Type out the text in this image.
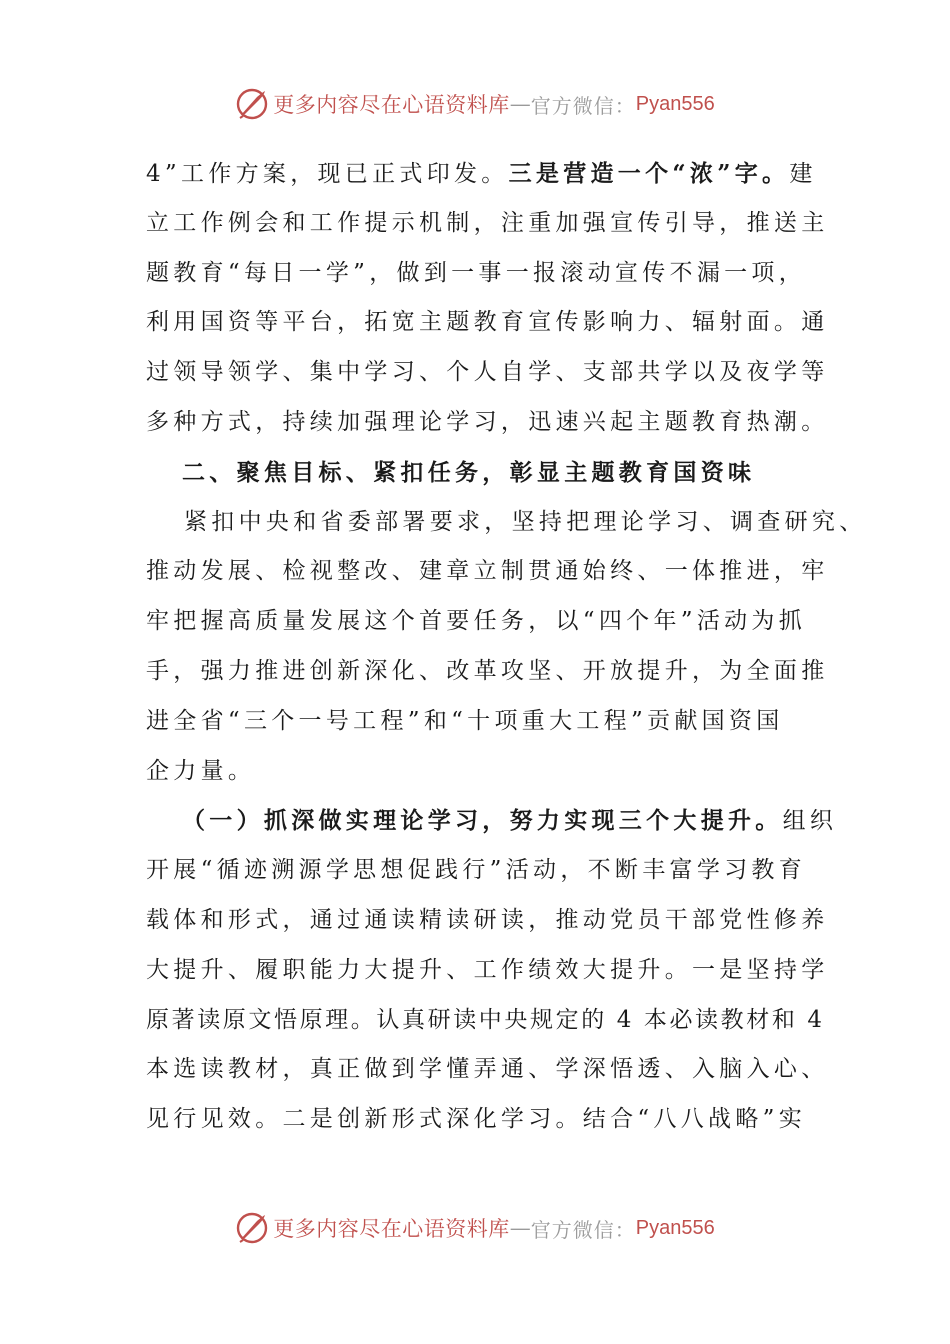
更多内容尽在心语资料库 — 官方微信： Pyan556
4”工作方案，现已正式印发。三是营造一个“浓”字。建
立工作例会和工作提示机制，注重加强宣传引导，推送主
题教育“每日一学”，做到一事一报滚动宣传不漏一项，
利用国资等平台，拓宽主题教育宣传影响力、辐射面。通
过领导领学、集中学习、个人自学、支部共学以及夜学等
多种方式，持续加强理论学习，迅速兴起主题教育热潮。
二、聚焦目标、紧扣任务，彰显主题教育国资味
紧扣中央和省委部署要求，坚持把理论学习、调查研究、
推动发展、检视整改、建章立制贯通始终、一体推进，牢
牢把握高质量发展这个首要任务，以“四个年”活动为抓
手，强力推进创新深化、改革攻坚、开放提升，为全面推
进全省“三个一号工程”和“十项重大工程”贡献国资国
企力量。
（一）抓深做实理论学习，努力实现三个大提升。组织
开展“循迹溯源学思想促践行”活动，不断丰富学习教育
载体和形式，通过通读精读研读，推动党员干部党性修养
大提升、履职能力大提升、工作绩效大提升。一是坚持学
原著读原文悟原理。认真研读中央规定的 4 本必读教材和 4
本选读教材，真正做到学懂弄通、学深悟透、入脑入心、
见行见效。二是创新形式深化学习。结合“八八战略”实
更多内容尽在心语资料库 — 官方微信： Pyan556
